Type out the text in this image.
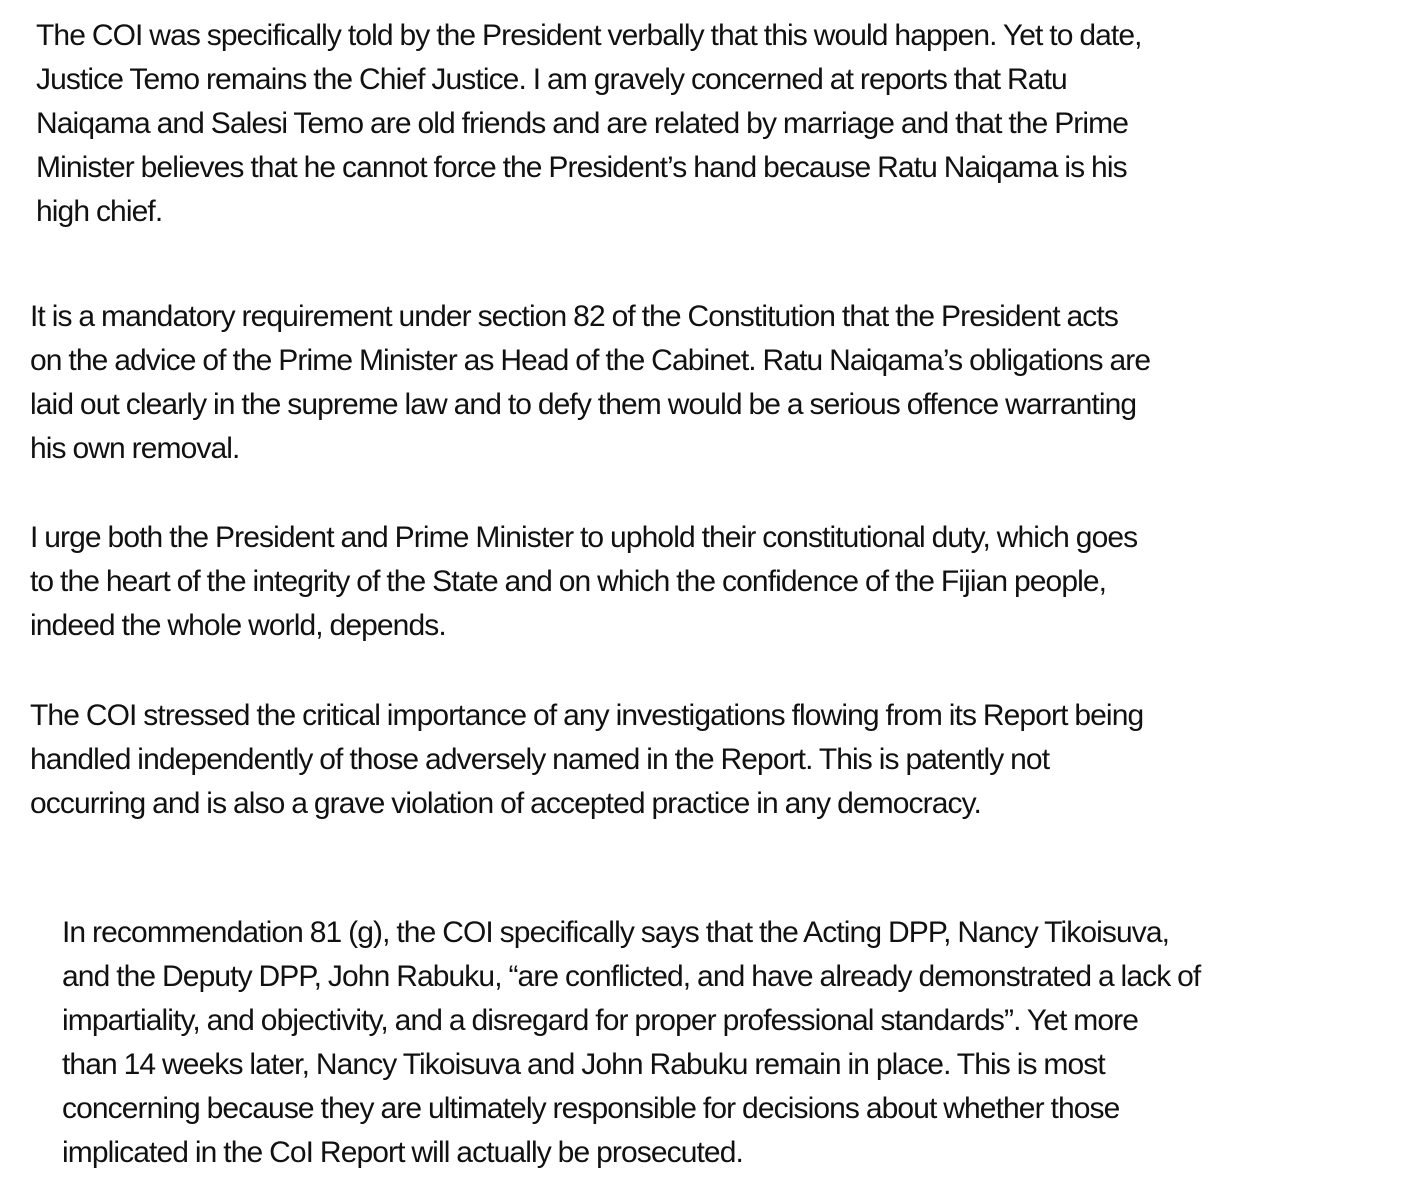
The COI was specifically told by the President verbally that this would happen. Yet to date,
Justice Temo remains the Chief Justice. I am gravely concerned at reports that Ratu
Naiqama and Salesi Temo are old friends and are related by marriage and that the Prime
Minister believes that he cannot force the President’s hand because Ratu Naiqama is his
high chief.

It is a mandatory requirement under section 82 of the Constitution that the President acts
on the advice of the Prime Minister as Head of the Cabinet. Ratu Naiqama’s obligations are
laid out clearly in the supreme law and to defy them would be a serious offence warranting
his own removal.

I urge both the President and Prime Minister to uphold their constitutional duty, which goes
to the heart of the integrity of the State and on which the confidence of the Fijian people,
indeed the whole world, depends.

The COI stressed the critical importance of any investigations flowing from its Report being
handled independently of those adversely named in the Report. This is patently not
occurring and is also a grave violation of accepted practice in any democracy.

In recommendation 81 (g), the COI specifically says that the Acting DPP, Nancy Tikoisuva,
and the Deputy DPP, John Rabuku, “are conflicted, and have already demonstrated a lack of
impartiality, and objectivity, and a disregard for proper professional standards”. Yet more
than 14 weeks later, Nancy Tikoisuva and John Rabuku remain in place. This is most
concerning because they are ultimately responsible for decisions about whether those
implicated in the CoI Report will actually be prosecuted.
